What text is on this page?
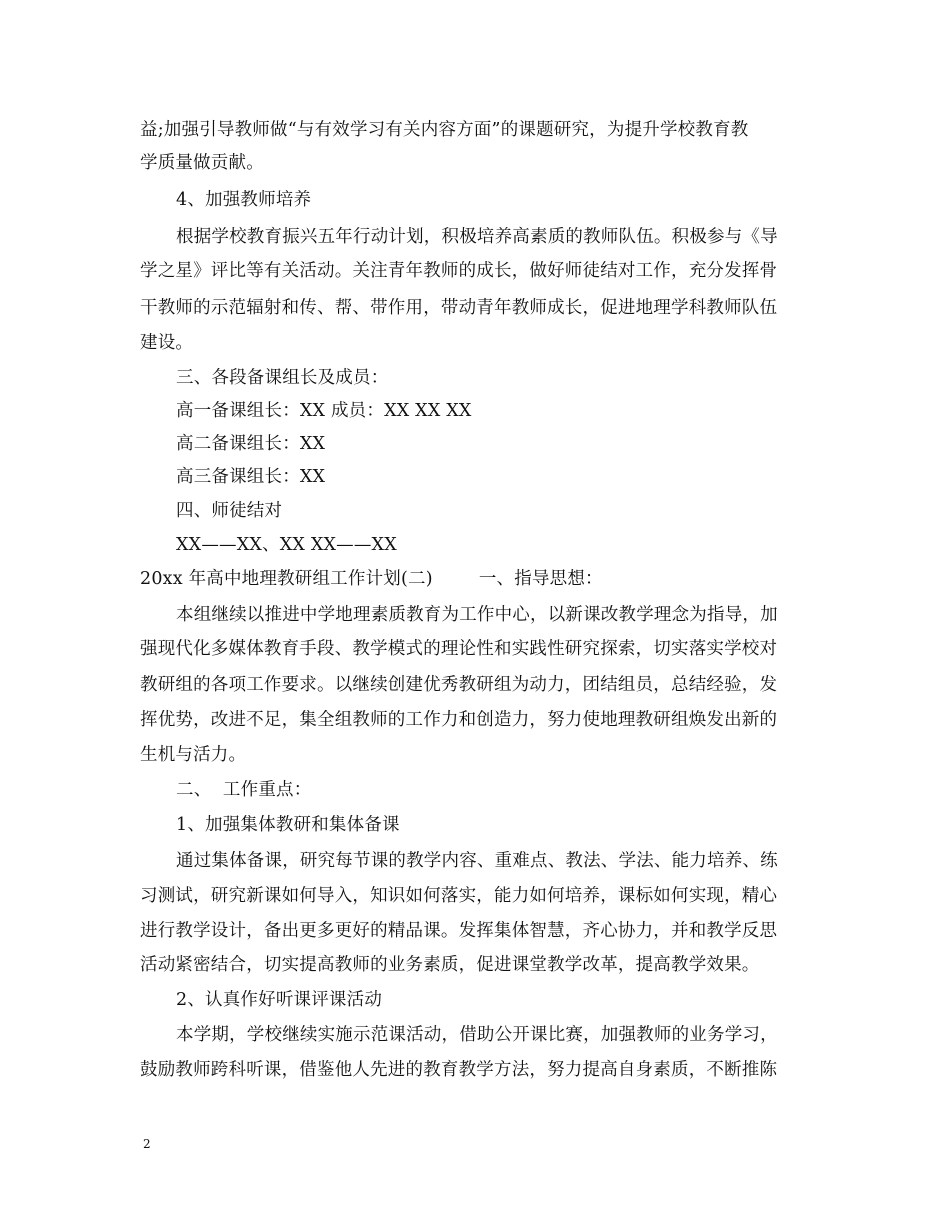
益;加强引导教师做“与有效学习有关内容方面”的课题研究，为提升学校教育教
学质量做贡献。
4、加强教师培养
根据学校教育振兴五年行动计划，积极培养高素质的教师队伍。积极参与《导
学之星》评比等有关活动。关注青年教师的成长，做好师徒结对工作，充分发挥骨
干教师的示范辐射和传、帮、带作用，带动青年教师成长，促进地理学科教师队伍
建设。
三、各段备课组长及成员：
高一备课组长：XX 成员：XX XX XX
高二备课组长：XX
高三备课组长：XX
四、师徒结对
XX——XX、XX XX——XX
20xx 年高中地理教研组工作计划(二)        一、指导思想：
本组继续以推进中学地理素质教育为工作中心，以新课改教学理念为指导，加
强现代化多媒体教育手段、教学模式的理论性和实践性研究探索，切实落实学校对
教研组的各项工作要求。以继续创建优秀教研组为动力，团结组员，总结经验，发
挥优势，改进不足，集全组教师的工作力和创造力，努力使地理教研组焕发出新的
生机与活力。
二、  工作重点：
1、加强集体教研和集体备课
通过集体备课，研究每节课的教学内容、重难点、教法、学法、能力培养、练
习测试，研究新课如何导入，知识如何落实，能力如何培养，课标如何实现，精心
进行教学设计，备出更多更好的精品课。发挥集体智慧，齐心协力，并和教学反思
活动紧密结合，切实提高教师的业务素质，促进课堂教学改革，提高教学效果。
2、认真作好听课评课活动
本学期，学校继续实施示范课活动，借助公开课比赛，加强教师的业务学习，
鼓励教师跨科听课，借鉴他人先进的教育教学方法，努力提高自身素质，不断推陈
2
